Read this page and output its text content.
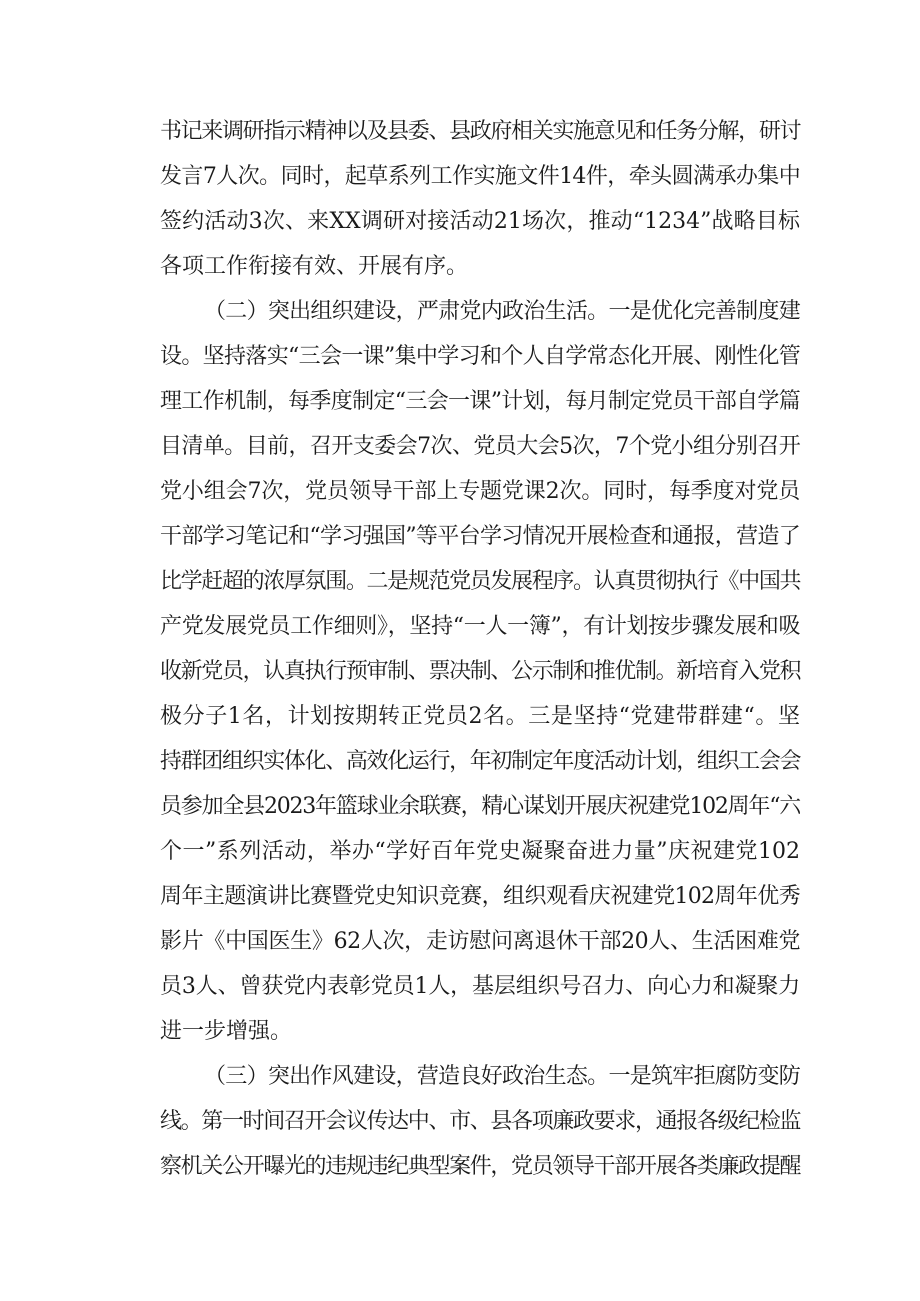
书记来调研指示精神以及县委、县政府相关实施意见和任务分解，研讨
发言7人次。同时，起草系列工作实施文件14件，牵头圆满承办集中
签约活动3次、来XX调研对接活动21场次，推动“1234”战略目标
各项工作衔接有效、开展有序。
（二）突出组织建设，严肃党内政治生活。一是优化完善制度建
设。坚持落实“三会一课”集中学习和个人自学常态化开展、刚性化管
理工作机制，每季度制定“三会一课”计划，每月制定党员干部自学篇
目清单。目前，召开支委会7次、党员大会5次，7个党小组分别召开
党小组会7次，党员领导干部上专题党课2次。同时，每季度对党员
干部学习笔记和“学习强国”等平台学习情况开展检查和通报，营造了
比学赶超的浓厚氛围。二是规范党员发展程序。认真贯彻执行《中国共
产党发展党员工作细则》，坚持“一人一簿”，有计划按步骤发展和吸
收新党员，认真执行预审制、票决制、公示制和推优制。新培育入党积
极分子1名，计划按期转正党员2名。三是坚持“党建带群建“。坚
持群团组织实体化、高效化运行，年初制定年度活动计划，组织工会会
员参加全县2023年篮球业余联赛，精心谋划开展庆祝建党102周年“六
个一”系列活动，举办“学好百年党史凝聚奋进力量”庆祝建党102
周年主题演讲比赛暨党史知识竞赛，组织观看庆祝建党102周年优秀
影片《中国医生》62人次，走访慰问离退休干部20人、生活困难党
员3人、曾获党内表彰党员1人，基层组织号召力、向心力和凝聚力
进一步增强。
（三）突出作风建设，营造良好政治生态。一是筑牢拒腐防变防
线。第一时间召开会议传达中、市、县各项廉政要求，通报各级纪检监
察机关公开曝光的违规违纪典型案件，党员领导干部开展各类廉政提醒
